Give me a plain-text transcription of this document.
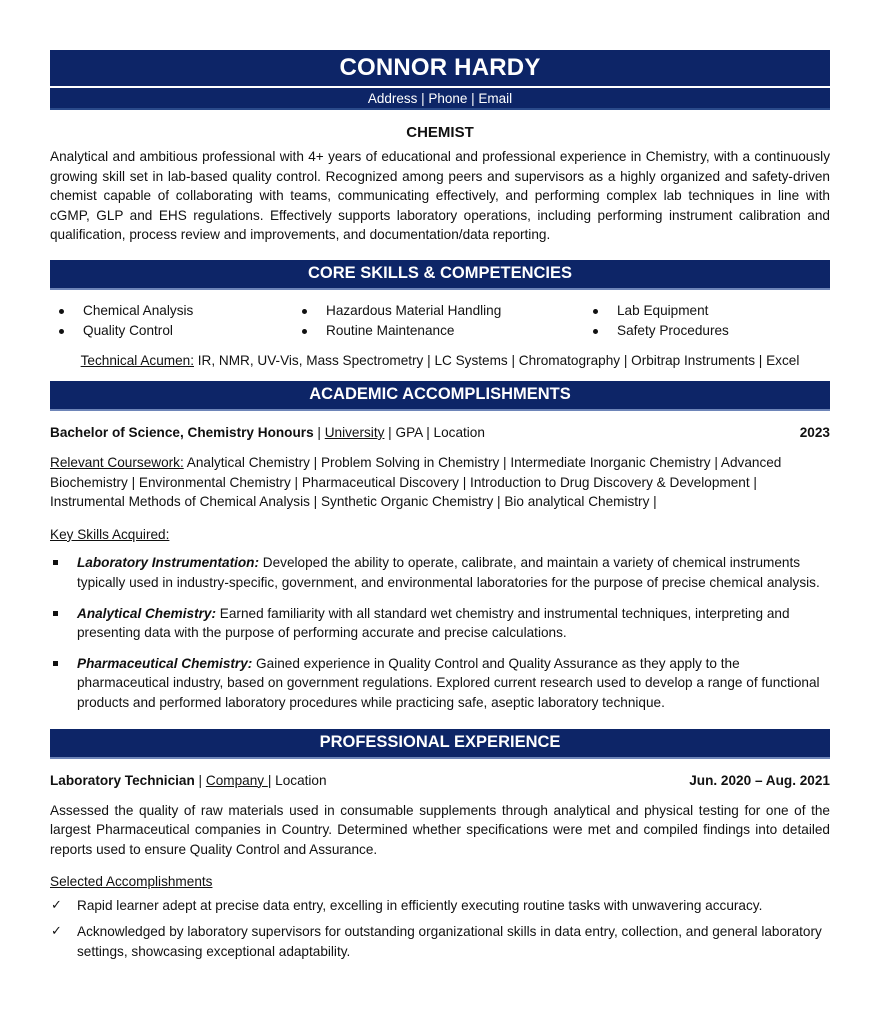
CONNOR HARDY
Address | Phone | Email
CHEMIST
Analytical and ambitious professional with 4+ years of educational and professional experience in Chemistry, with a continuously growing skill set in lab-based quality control. Recognized among peers and supervisors as a highly organized and safety-driven chemist capable of collaborating with teams, communicating effectively, and performing complex lab techniques in line with cGMP, GLP and EHS regulations. Effectively supports laboratory operations, including performing instrument calibration and qualification, process review and improvements, and documentation/data reporting.
CORE SKILLS & COMPETENCIES
Chemical Analysis
Quality Control
Hazardous Material Handling
Routine Maintenance
Lab Equipment
Safety Procedures
Technical Acumen: IR, NMR, UV-Vis, Mass Spectrometry | LC Systems | Chromatography | Orbitrap Instruments | Excel
ACADEMIC ACCOMPLISHMENTS
Bachelor of Science, Chemistry Honours | University | GPA | Location	2023
Relevant Coursework: Analytical Chemistry | Problem Solving in Chemistry | Intermediate Inorganic Chemistry | Advanced Biochemistry | Environmental Chemistry | Pharmaceutical Discovery | Introduction to Drug Discovery & Development | Instrumental Methods of Chemical Analysis | Synthetic Organic Chemistry | Bio analytical Chemistry |
Key Skills Acquired:
Laboratory Instrumentation: Developed the ability to operate, calibrate, and maintain a variety of chemical instruments typically used in industry-specific, government, and environmental laboratories for the purpose of precise chemical analysis.
Analytical Chemistry: Earned familiarity with all standard wet chemistry and instrumental techniques, interpreting and presenting data with the purpose of performing accurate and precise calculations.
Pharmaceutical Chemistry: Gained experience in Quality Control and Quality Assurance as they apply to the pharmaceutical industry, based on government regulations. Explored current research used to develop a range of functional products and performed laboratory procedures while practicing safe, aseptic laboratory technique.
PROFESSIONAL EXPERIENCE
Laboratory Technician | Company | Location	Jun. 2020 – Aug. 2021
Assessed the quality of raw materials used in consumable supplements through analytical and physical testing for one of the largest Pharmaceutical companies in Country. Determined whether specifications were met and compiled findings into detailed reports used to ensure Quality Control and Assurance.
Selected Accomplishments
✓ Rapid learner adept at precise data entry, excelling in efficiently executing routine tasks with unwavering accuracy.
✓ Acknowledged by laboratory supervisors for outstanding organizational skills in data entry, collection, and general laboratory settings, showcasing exceptional adaptability.
